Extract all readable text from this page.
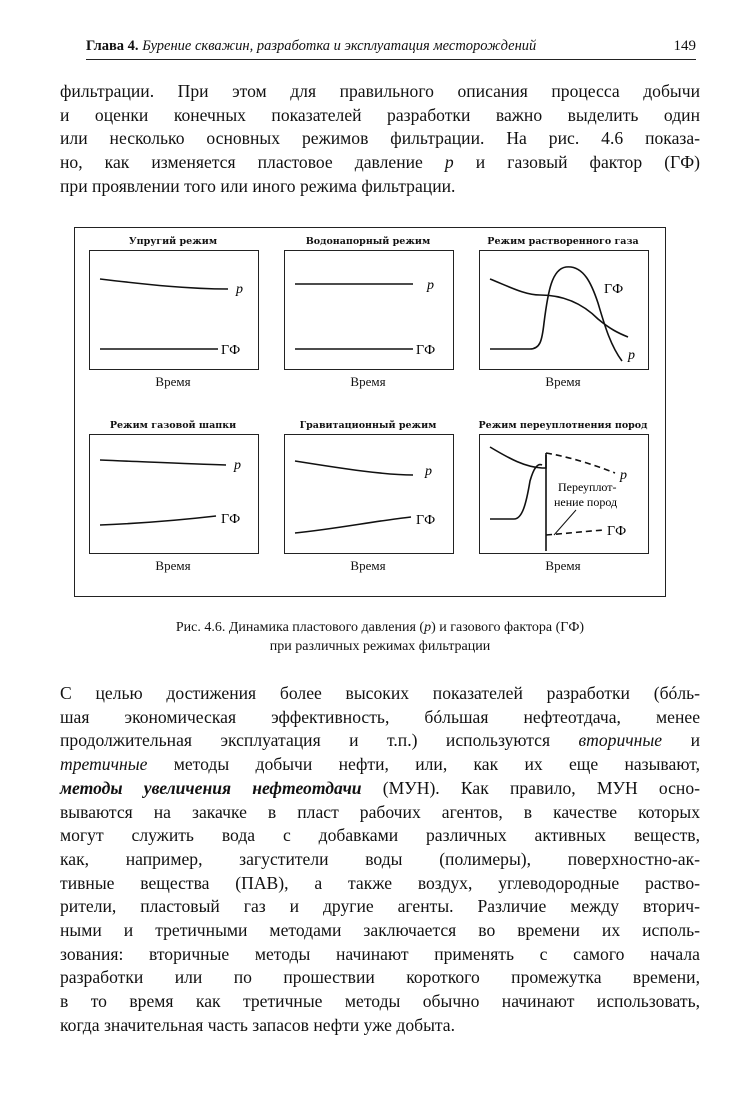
Глава 4. Бурение скважин, разработка и эксплуатация месторождений	149
фильтрации. При этом для правильного описания процесса добычи
и оценки конечных показателей разработки важно выделить один
или несколько основных режимов фильтрации. На рис. 4.6 показа-
но, как изменяется пластовое давление p и газовый фактор (ГФ)
при проявлении того или иного режима фильтрации.
Упругий режим
p
ГФ
Время
Водонапорный режим
p
ГФ
Время
Режим растворенного газа
p
ГФ
Время
Режим газовой шапки
p
ГФ
Время
Гравитационный режим
p
ГФ
Время
Режим переуплотнения пород
p
ГФ
Переуплот-
нение пород
Время
Рис. 4.6. Динамика пластового давления (p) и газового фактора (ГФ)
при различных режимах фильтрации
С целью достижения более высоких показателей разработки (бóль-
шая экономическая эффективность, бóльшая нефтеотдача, менее
продолжительная эксплуатация и т.п.) используются вторичные и
третичные методы добычи нефти, или, как их еще называют,
методы увеличения нефтеотдачи (МУН). Как правило, МУН осно-
вываются на закачке в пласт рабочих агентов, в качестве которых
могут служить вода с добавками различных активных веществ,
как, например, загустители воды (полимеры), поверхностно-ак-
тивные вещества (ПАВ), а также воздух, углеводородные раство-
рители, пластовый газ и другие агенты. Различие между вторич-
ными и третичными методами заключается во времени их исполь-
зования: вторичные методы начинают применять с самого начала
разработки или по прошествии короткого промежутка времени,
в то время как третичные методы обычно начинают использовать,
когда значительная часть запасов нефти уже добыта.
